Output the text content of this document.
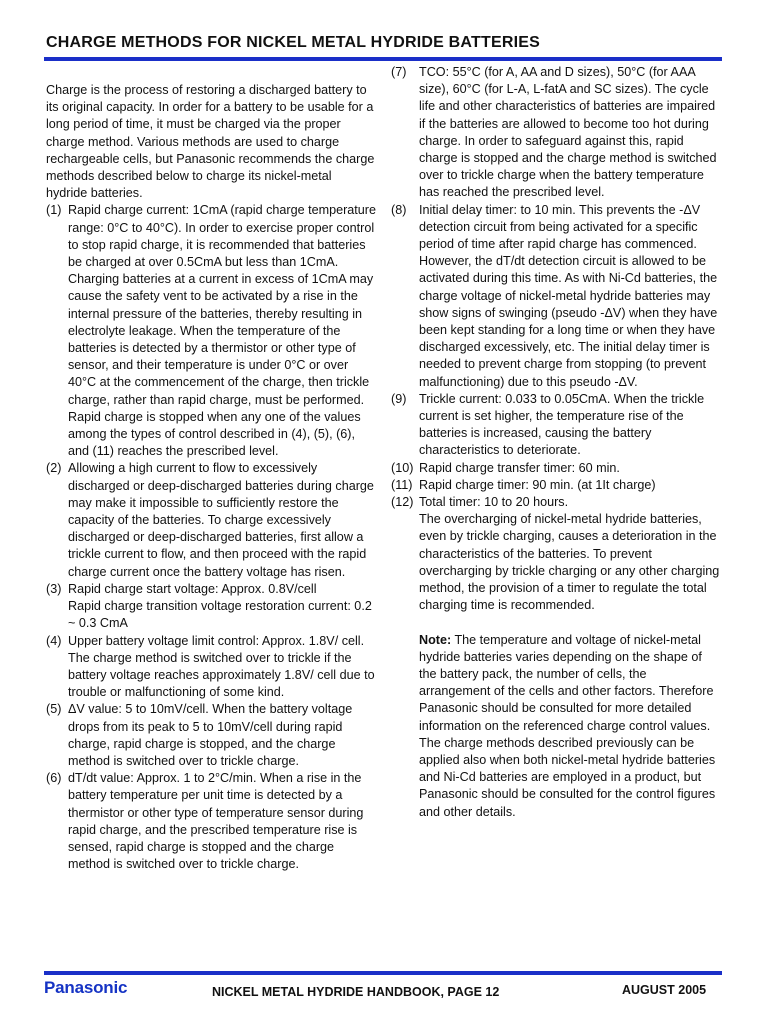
CHARGE METHODS FOR NICKEL METAL HYDRIDE BATTERIES

Charge is the process of restoring a discharged battery to its original capacity. In order for a battery to be usable for a long period of time, it must be charged via the proper charge method. Various methods are used to charge rechargeable cells, but Panasonic recommends the charge methods described below to charge its nickel-metal hydride batteries.

(1) Rapid charge current: 1CmA (rapid charge temperature range: 0°C to 40°C). In order to exercise proper control to stop rapid charge, it is recommended that batteries be charged at over 0.5CmA but less than 1CmA. Charging batteries at a current in excess of 1CmA may cause the safety vent to be activated by a rise in the internal pressure of the batteries, thereby resulting in electrolyte leakage. When the temperature of the batteries is detected by a thermistor or other type of sensor, and their temperature is under 0°C or over 40°C at the commencement of the charge, then trickle charge, rather than rapid charge, must be performed. Rapid charge is stopped when any one of the values among the types of control described in (4), (5), (6), and (11) reaches the prescribed level.
(2) Allowing a high current to flow to excessively discharged or deep-discharged batteries during charge may make it impossible to sufficiently restore the capacity of the batteries. To charge excessively discharged or deep-discharged batteries, first allow a trickle current to flow, and then proceed with the rapid charge current once the battery voltage has risen.
(3) Rapid charge start voltage: Approx. 0.8V/cell
Rapid charge transition voltage restoration current: 0.2 ~ 0.3 CmA
(4) Upper battery voltage limit control: Approx. 1.8V/ cell. The charge method is switched over to trickle if the battery voltage reaches approximately 1.8V/ cell due to trouble or malfunctioning of some kind.
(5) ΔV value: 5 to 10mV/cell. When the battery voltage drops from its peak to 5 to 10mV/cell during rapid charge, rapid charge is stopped, and the charge method is switched over to trickle charge.
(6) dT/dt value: Approx. 1 to 2°C/min. When a rise in the battery temperature per unit time is detected by a thermistor or other type of temperature sensor during rapid charge, and the prescribed temperature rise is sensed, rapid charge is stopped and the charge method is switched over to trickle charge.
(7) TCO: 55°C (for A, AA and D sizes), 50°C (for AAA size), 60°C (for L-A, L-fatA and SC sizes). The cycle life and other characteristics of batteries are impaired if the batteries are allowed to become too hot during charge. In order to safeguard against this, rapid charge is stopped and the charge method is switched over to trickle charge when the battery temperature has reached the prescribed level.
(8) Initial delay timer: to 10 min. This prevents the -ΔV detection circuit from being activated for a specific period of time after rapid charge has commenced. However, the dT/dt detection circuit is allowed to be activated during this time. As with Ni-Cd batteries, the charge voltage of nickel-metal hydride batteries may show signs of swinging (pseudo -ΔV) when they have been kept standing for a long time or when they have discharged excessively, etc. The initial delay timer is needed to prevent charge from stopping (to prevent malfunctioning) due to this pseudo -ΔV.
(9) Trickle current: 0.033 to 0.05CmA. When the trickle current is set higher, the temperature rise of the batteries is increased, causing the battery characteristics to deteriorate.
(10) Rapid charge transfer timer: 60 min.
(11) Rapid charge timer: 90 min. (at 1It charge)
(12) Total timer: 10 to 20 hours.

The overcharging of nickel-metal hydride batteries, even by trickle charging, causes a deterioration in the characteristics of the batteries. To prevent overcharging by trickle charging or any other charging method, the provision of a timer to regulate the total charging time is recommended.

Note: The temperature and voltage of nickel-metal hydride batteries varies depending on the shape of the battery pack, the number of cells, the arrangement of the cells and other factors. Therefore Panasonic should be consulted for more detailed information on the referenced charge control values. The charge methods described previously can be applied also when both nickel-metal hydride batteries and Ni-Cd batteries are employed in a product, but Panasonic should be consulted for the control figures and other details.

Panasonic	NICKEL METAL HYDRIDE HANDBOOK, PAGE 12	AUGUST 2005
